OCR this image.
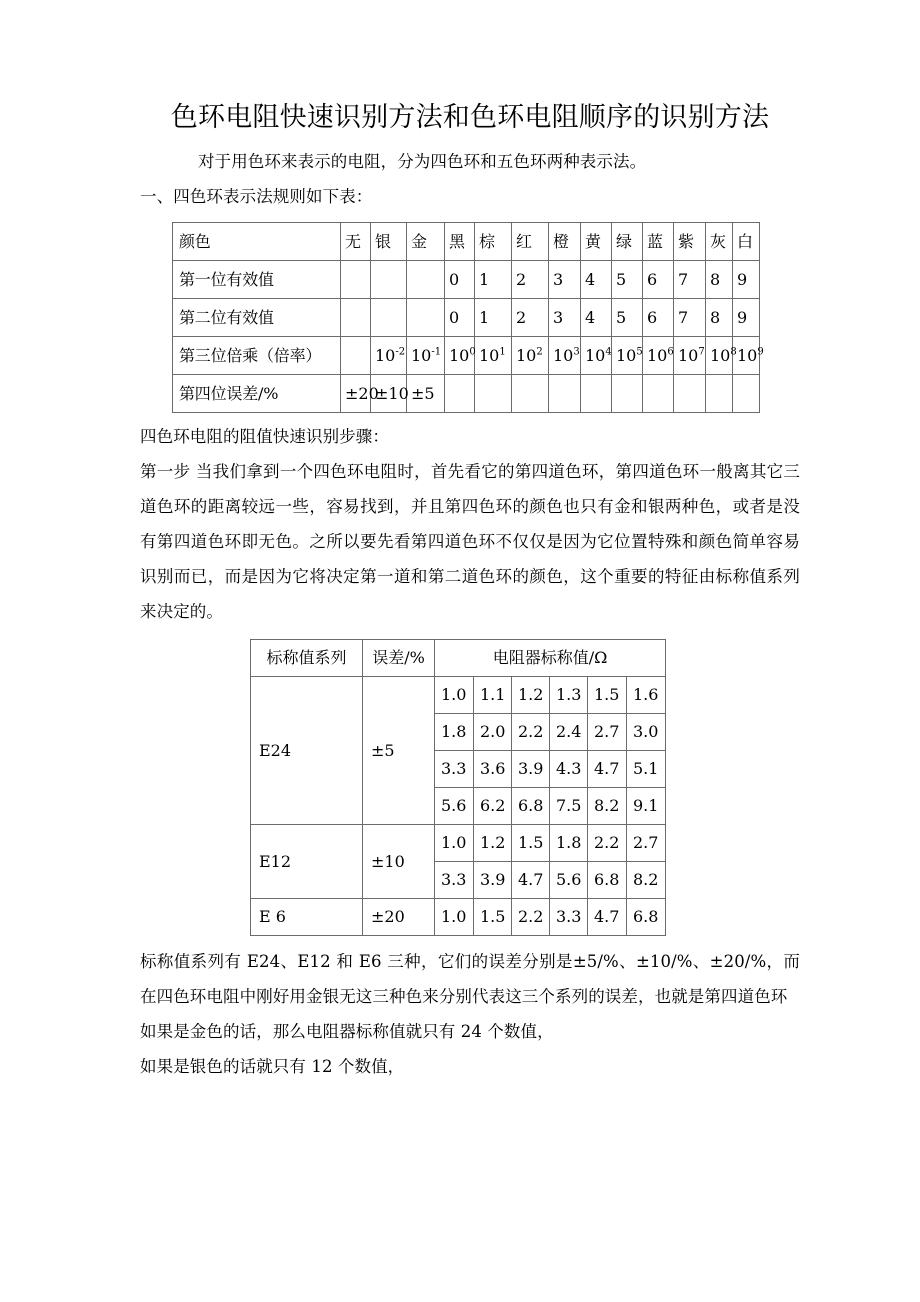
色环电阻快速识别方法和色环电阻顺序的识别方法

对于用色环来表示的电阻，分为四色环和五色环两种表示法。

一、四色环表示法规则如下表：

颜色	无	银	金	黑	棕	红	橙	黄	绿	蓝	紫	灰	白
第一位有效值				0	1	2	3	4	5	6	7	8	9
第二位有效值				0	1	2	3	4	5	6	7	8	9
第三位倍乘（倍率）		$10^{-2}$	$10^{-1}$	$10^0$	$10^1$	$10^2$	$10^3$	$10^4$	$10^5$	$10^6$	$10^7$	$10^8$	$10^9$
第四位误差/%	±20	±10	±5										

四色环电阻的阻值快速识别步骤：

第一步 当我们拿到一个四色环电阻时，首先看它的第四道色环，第四道色环一般离其它三道色环的距离较远一些，容易找到，并且第四色环的颜色也只有金和银两种色，或者是没有第四道色环即无色。之所以要先看第四道色环不仅仅是因为它位置特殊和颜色简单容易识别而已，而是因为它将决定第一道和第二道色环的颜色，这个重要的特征由标称值系列来决定的。

标称值系列	误差/%	电阻器标称值/Ω					
E24	±5	1.0	1.1	1.2	1.3	1.5	1.6
		1.8	2.0	2.2	2.4	2.7	3.0
		3.3	3.6	3.9	4.3	4.7	5.1
		5.6	6.2	6.8	7.5	8.2	9.1
E12	±10	1.0	1.2	1.5	1.8	2.2	2.7
		3.3	3.9	4.7	5.6	6.8	8.2
E 6	±20	1.0	1.5	2.2	3.3	4.7	6.8

标称值系列有 E24、E12 和 E6 三种，它们的误差分别是±5/%、±10/%、±20/%，而在四色环电阻中刚好用金银无这三种色来分别代表这三个系列的误差，也就是第四道色环

如果是金色的话，那么电阻器标称值就只有 24 个数值，

如果是银色的话就只有 12 个数值，
